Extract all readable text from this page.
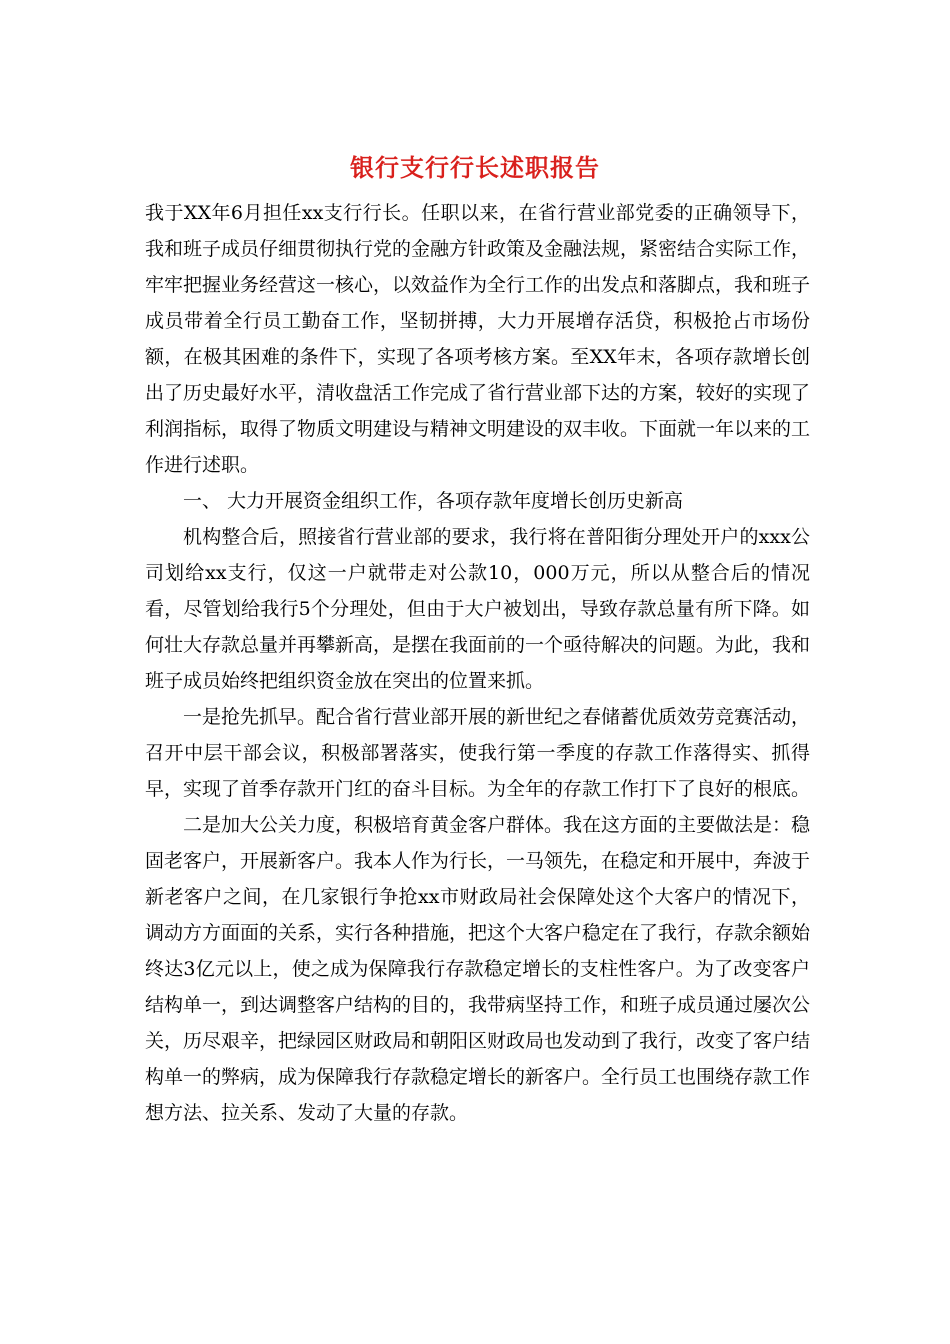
银行支行行长述职报告

我于XX年6月担任xx支行行长。任职以来，在省行营业部党委的正确领导下，我和班子成员仔细贯彻执行党的金融方针政策及金融法规，紧密结合实际工作，牢牢把握业务经营这一核心，以效益作为全行工作的出发点和落脚点，我和班子成员带着全行员工勤奋工作，坚韧拼搏，大力开展增存活贷，积极抢占市场份额，在极其困难的条件下，实现了各项考核方案。至XX年末，各项存款增长创出了历史最好水平，清收盘活工作完成了省行营业部下达的方案，较好的实现了利润指标，取得了物质文明建设与精神文明建设的双丰收。下面就一年以来的工作进行述职。

一、 大力开展资金组织工作，各项存款年度增长创历史新高

机构整合后，照接省行营业部的要求，我行将在普阳街分理处开户的xxx公司划给xx支行，仅这一户就带走对公款10，000万元，所以从整合后的情况看，尽管划给我行5个分理处，但由于大户被划出，导致存款总量有所下降。如何壮大存款总量并再攀新高，是摆在我面前的一个亟待解决的问题。为此，我和班子成员始终把组织资金放在突出的位置来抓。

一是抢先抓早。配合省行营业部开展的新世纪之春储蓄优质效劳竞赛活动，召开中层干部会议，积极部署落实，使我行第一季度的存款工作落得实、抓得早，实现了首季存款开门红的奋斗目标。为全年的存款工作打下了良好的根底。

二是加大公关力度，积极培育黄金客户群体。我在这方面的主要做法是：稳固老客户，开展新客户。我本人作为行长，一马领先，在稳定和开展中，奔波于新老客户之间，在几家银行争抢xx市财政局社会保障处这个大客户的情况下，调动方方面面的关系，实行各种措施，把这个大客户稳定在了我行，存款余额始终达3亿元以上，使之成为保障我行存款稳定增长的支柱性客户。为了改变客户结构单一，到达调整客户结构的目的，我带病坚持工作，和班子成员通过屡次公关，历尽艰辛，把绿园区财政局和朝阳区财政局也发动到了我行，改变了客户结构单一的弊病，成为保障我行存款稳定增长的新客户。全行员工也围绕存款工作想方法、拉关系、发动了大量的存款。
